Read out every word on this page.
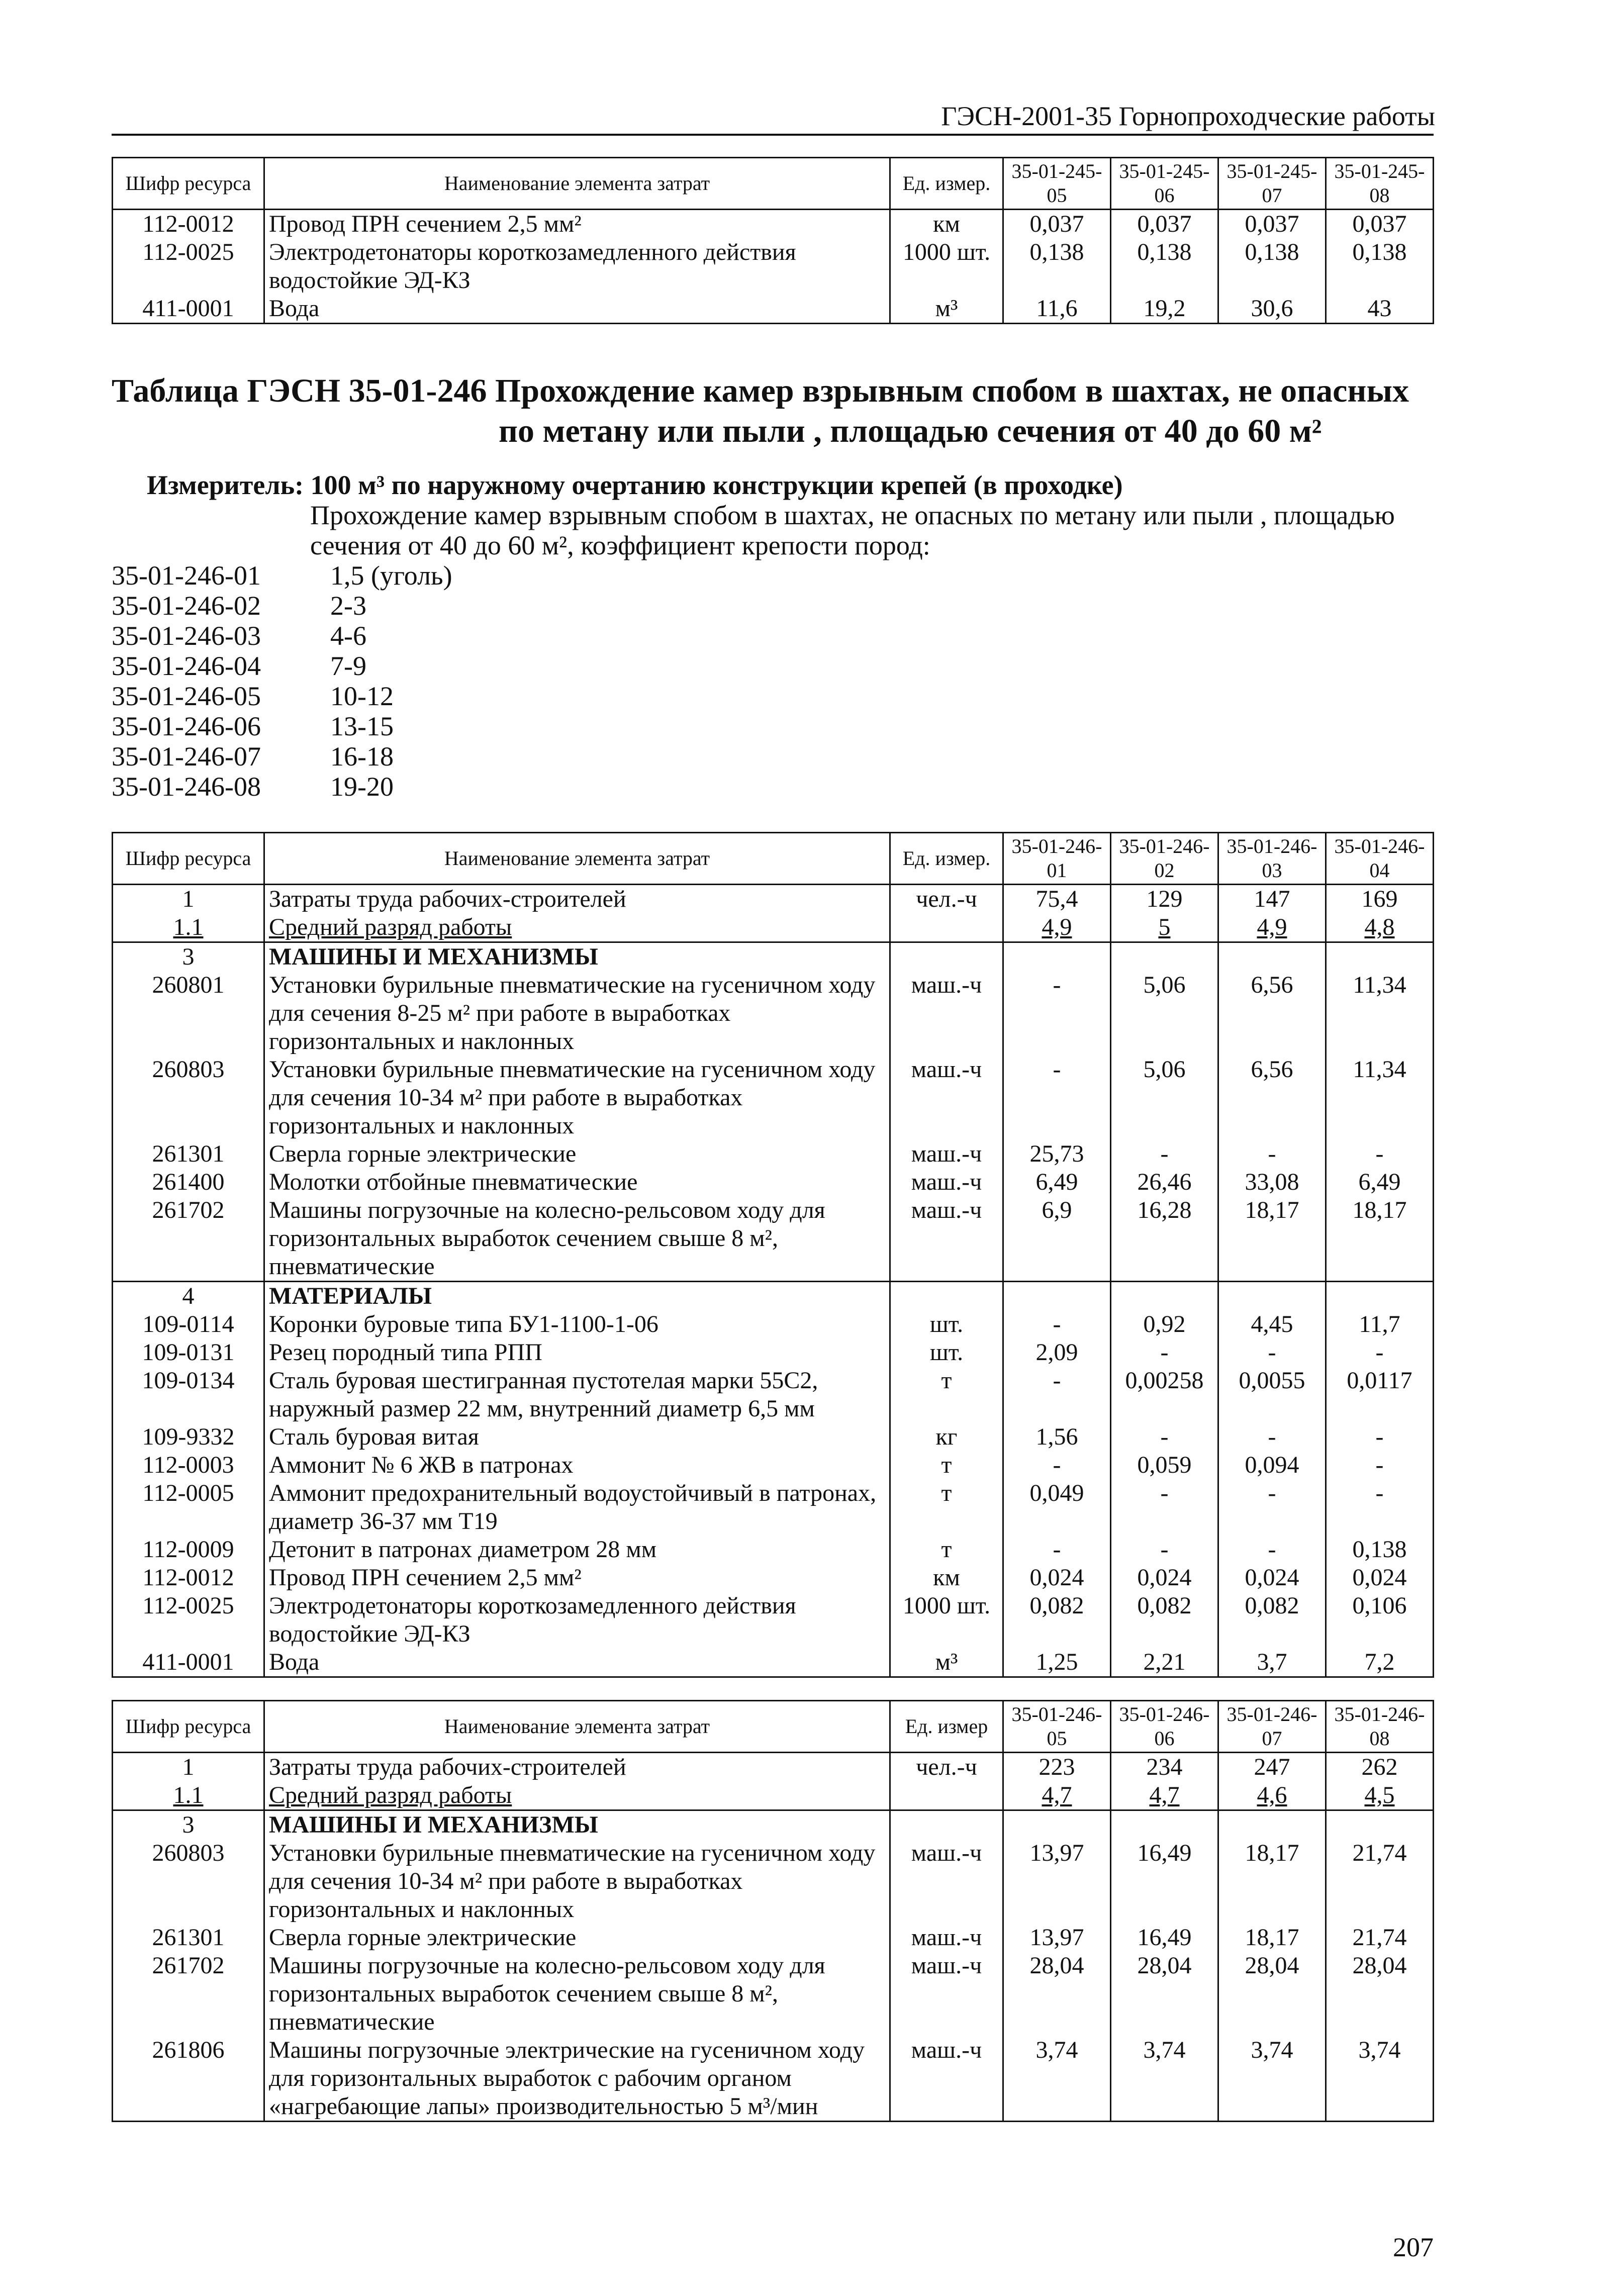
ГЭСН-2001-35 Горнопроходческие работы
Шифр ресурса	Наименование элемента затрат	Ед. измер.	35-01-245-05	35-01-245-06	35-01-245-07	35-01-245-08
112-0012	Провод ПРН сечением 2,5 мм²	км	0,037	0,037	0,037	0,037
112-0025	Электродетонаторы короткозамедленного действия водостойкие ЭД-КЗ	1000 шт.	0,138	0,138	0,138	0,138
411-0001	Вода	м³	11,6	19,2	30,6	43
Таблица ГЭСН 35-01-246 Прохождение камер взрывным спобом в шахтах, не опасных
по метану или пыли , площадью сечения от 40 до 60 м²
Измеритель: 100 м³ по наружному очертанию конструкции крепей (в проходке)
Прохождение камер взрывным спобом в шахтах, не опасных по метану или пыли , площадью сечения от 40 до 60 м², коэффициент крепости пород:
35-01-246-01	1,5 (уголь)
35-01-246-02	2-3
35-01-246-03	4-6
35-01-246-04	7-9
35-01-246-05	10-12
35-01-246-06	13-15
35-01-246-07	16-18
35-01-246-08	19-20
Шифр ресурса	Наименование элемента затрат	Ед. измер.	35-01-246-01	35-01-246-02	35-01-246-03	35-01-246-04
1	Затраты труда рабочих-строителей	чел.-ч	75,4	129	147	169
1.1	Средний разряд работы		4,9	5	4,9	4,8
3	МАШИНЫ И МЕХАНИЗМЫ					
260801	Установки бурильные пневматические на гусеничном ходу для сечения 8-25 м² при работе в выработках горизонтальных и наклонных	маш.-ч	-	5,06	6,56	11,34
260803	Установки бурильные пневматические на гусеничном ходу для сечения 10-34 м² при работе в выработках горизонтальных и наклонных	маш.-ч	-	5,06	6,56	11,34
261301	Сверла горные электрические	маш.-ч	25,73	-	-	-
261400	Молотки отбойные пневматические	маш.-ч	6,49	26,46	33,08	6,49
261702	Машины погрузочные на колесно-рельсовом ходу для горизонтальных выработок сечением свыше 8 м², пневматические	маш.-ч	6,9	16,28	18,17	18,17
4	МАТЕРИАЛЫ					
109-0114	Коронки буровые типа БУ1-1100-1-06	шт.	-	0,92	4,45	11,7
109-0131	Резец породный типа РПП	шт.	2,09	-	-	-
109-0134	Сталь буровая шестигранная пустотелая марки 55С2, наружный размер 22 мм, внутренний диаметр 6,5 мм	т	-	0,00258	0,0055	0,0117
109-9332	Сталь буровая витая	кг	1,56	-	-	-
112-0003	Аммонит № 6 ЖВ в патронах	т	-	0,059	0,094	-
112-0005	Аммонит предохранительный водоустойчивый в патронах, диаметр 36-37 мм Т19	т	0,049	-	-	-
112-0009	Детонит в патронах диаметром 28 мм	т	-	-	-	0,138
112-0012	Провод ПРН сечением 2,5 мм²	км	0,024	0,024	0,024	0,024
112-0025	Электродетонаторы короткозамедленного действия водостойкие ЭД-КЗ	1000 шт.	0,082	0,082	0,082	0,106
411-0001	Вода	м³	1,25	2,21	3,7	7,2
Шифр ресурса	Наименование элемента затрат	Ед. измер	35-01-246-05	35-01-246-06	35-01-246-07	35-01-246-08
1	Затраты труда рабочих-строителей	чел.-ч	223	234	247	262
1.1	Средний разряд работы		4,7	4,7	4,6	4,5
3	МАШИНЫ И МЕХАНИЗМЫ					
260803	Установки бурильные пневматические на гусеничном ходу для сечения 10-34 м² при работе в выработках горизонтальных и наклонных	маш.-ч	13,97	16,49	18,17	21,74
261301	Сверла горные электрические	маш.-ч	13,97	16,49	18,17	21,74
261702	Машины погрузочные на колесно-рельсовом ходу для горизонтальных выработок сечением свыше 8 м², пневматические	маш.-ч	28,04	28,04	28,04	28,04
261806	Машины погрузочные электрические на гусеничном ходу для горизонтальных выработок с рабочим органом «нагребающие лапы» производительностью 5 м³/мин	маш.-ч	3,74	3,74	3,74	3,74
207
